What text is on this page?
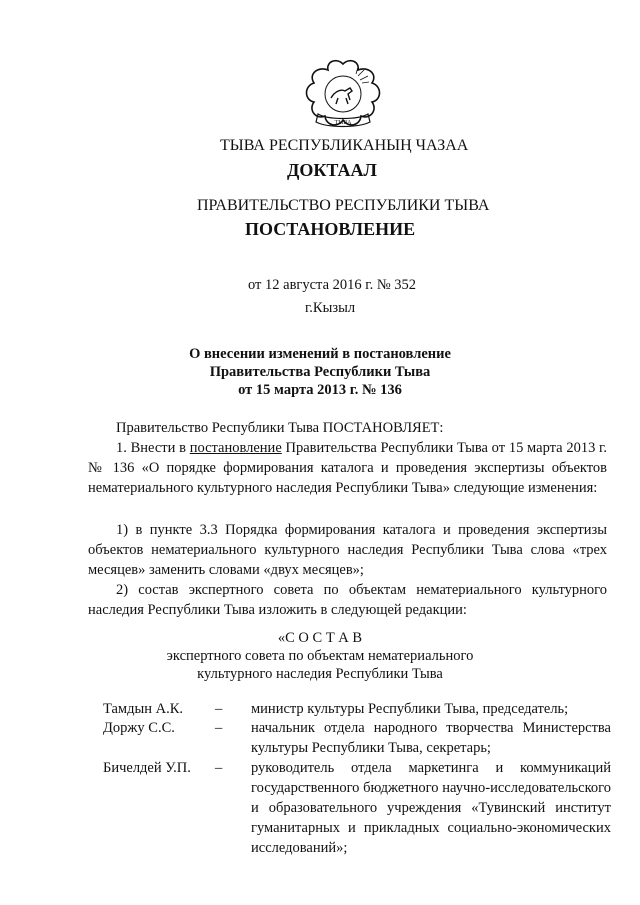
ТЫВА
ТЫВА РЕСПУБЛИКАНЫҢ ЧАЗАА
ДОКТААЛ
ПРАВИТЕЛЬСТВО РЕСПУБЛИКИ ТЫВА
ПОСТАНОВЛЕНИЕ
от 12 августа 2016 г. № 352
г.Кызыл
О внесении изменений в постановление
Правительства Республики Тыва
от 15 марта 2013 г. № 136
Правительство Республики Тыва ПОСТАНОВЛЯЕТ:
1. Внести в постановление Правительства Республики Тыва от 15 марта 2013 г. № 136 «О порядке формирования каталога и проведения экспертизы объектов нематериального культурного наследия Республики Тыва» следующие изменения:
1) в пункте 3.3 Порядка формирования каталога и проведения экспертизы объектов нематериального культурного наследия Республики Тыва слова «трех месяцев» заменить словами «двух месяцев»;
2) состав экспертного совета по объектам нематериального культурного наследия Республики Тыва изложить в следующей редакции:
«С О С Т А В
экспертного совета по объектам нематериального
культурного наследия Республики Тыва
Тамдын А.К.	– министр культуры Республики Тыва, председатель;
Доржу С.С.	– начальник отдела народного творчества Министерства культуры Республики Тыва, секретарь;
Бичелдей У.П.	– руководитель отдела маркетинга и коммуникаций государственного бюджетного научно-исследовательского и образовательного учреждения «Тувинский институт гуманитарных и прикладных социально-экономических исследований»;
